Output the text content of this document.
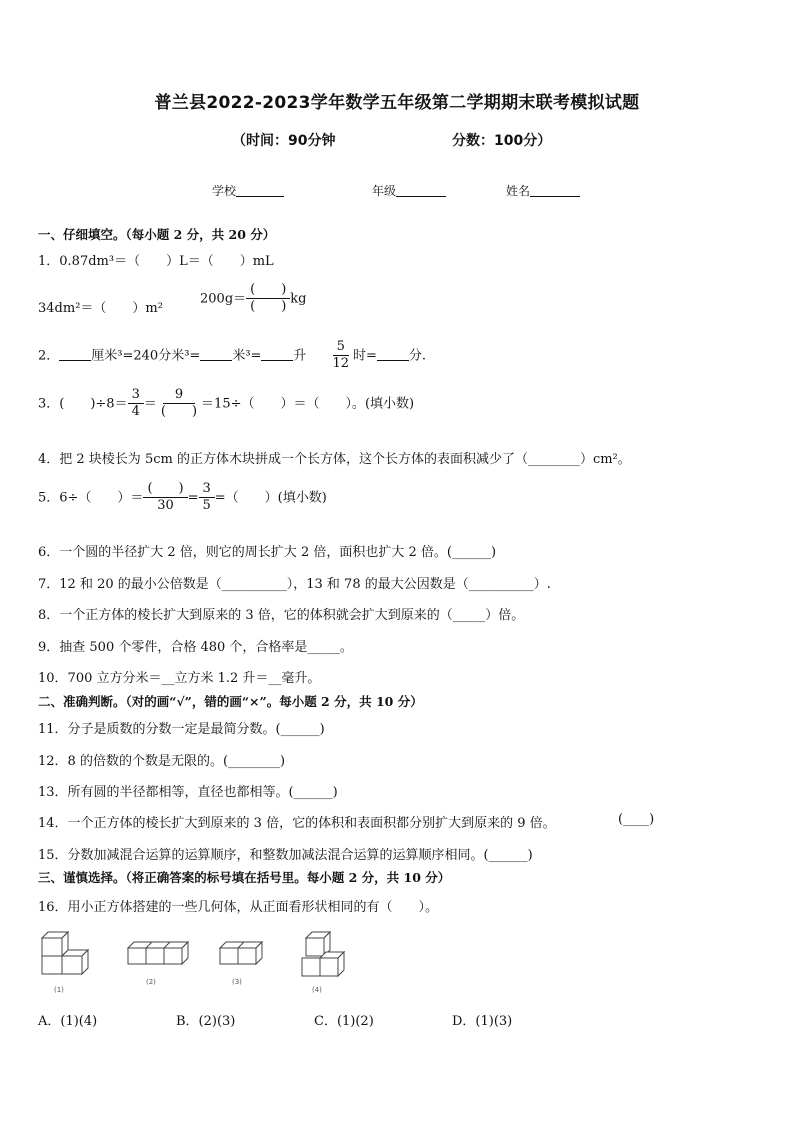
普兰县2022-2023学年数学五年级第二学期期末联考模拟试题
（时间：90分钟	分数：100分）
学校	年级	姓名
一、仔细填空。（每小题 2 分，共 20 分）
1．0.87dm³＝（　　）L＝（　　）mL
34dm²＝（　　）m²
$200g= \frac{( )}{( )}$ kg
2． 厘米³=240分米³= 米³= 升 $\frac{5}{12}$ 时= 分.
3．(　　)$\div 8= \frac{3}{4} = \frac{9}{( )} =15\div$（　　）＝（　　）。(填小数)
4．把 2 块棱长为 5cm 的正方体木块拼成一个长方体，这个长方体的表面积减少了（________）cm²。
5．6÷（　　）＝ $\frac{( )}{30} = \frac{3}{5}$ =（　　）(填小数)
6．一个圆的半径扩大 2 倍，则它的周长扩大 2 倍，面积也扩大 2 倍。(______)
7．12 和 20 的最小公倍数是（__________），13 和 78 的最大公因数是（__________）.
8．一个正方体的棱长扩大到原来的 3 倍，它的体积就会扩大到原来的（_____）倍。
9．抽查 500 个零件，合格 480 个，合格率是_____。
10．700 立方分米＝__立方米 1.2 升＝__毫升。
二、准确判断。（对的画“√”，错的画“×”。每小题 2 分，共 10 分）
11．分子是质数的分数一定是最简分数。(______)
12．8 的倍数的个数是无限的。(________)
13．所有圆的半径都相等，直径也都相等。(______)
14．一个正方体的棱长扩大到原来的 3 倍，它的体积和表面积都分别扩大到原来的 9 倍。	(____)
15．分数加减混合运算的运算顺序，和整数加减法混合运算的运算顺序相同。(______)
三、谨慎选择。（将正确答案的标号填在括号里。每小题 2 分，共 10 分）
16．用小正方体搭建的一些几何体，从正面看形状相同的有（　　）。
(1)
(2)	(3)
(4)
A．(1)(4)	B．(2)(3)	C．(1)(2)	D．(1)(3)
